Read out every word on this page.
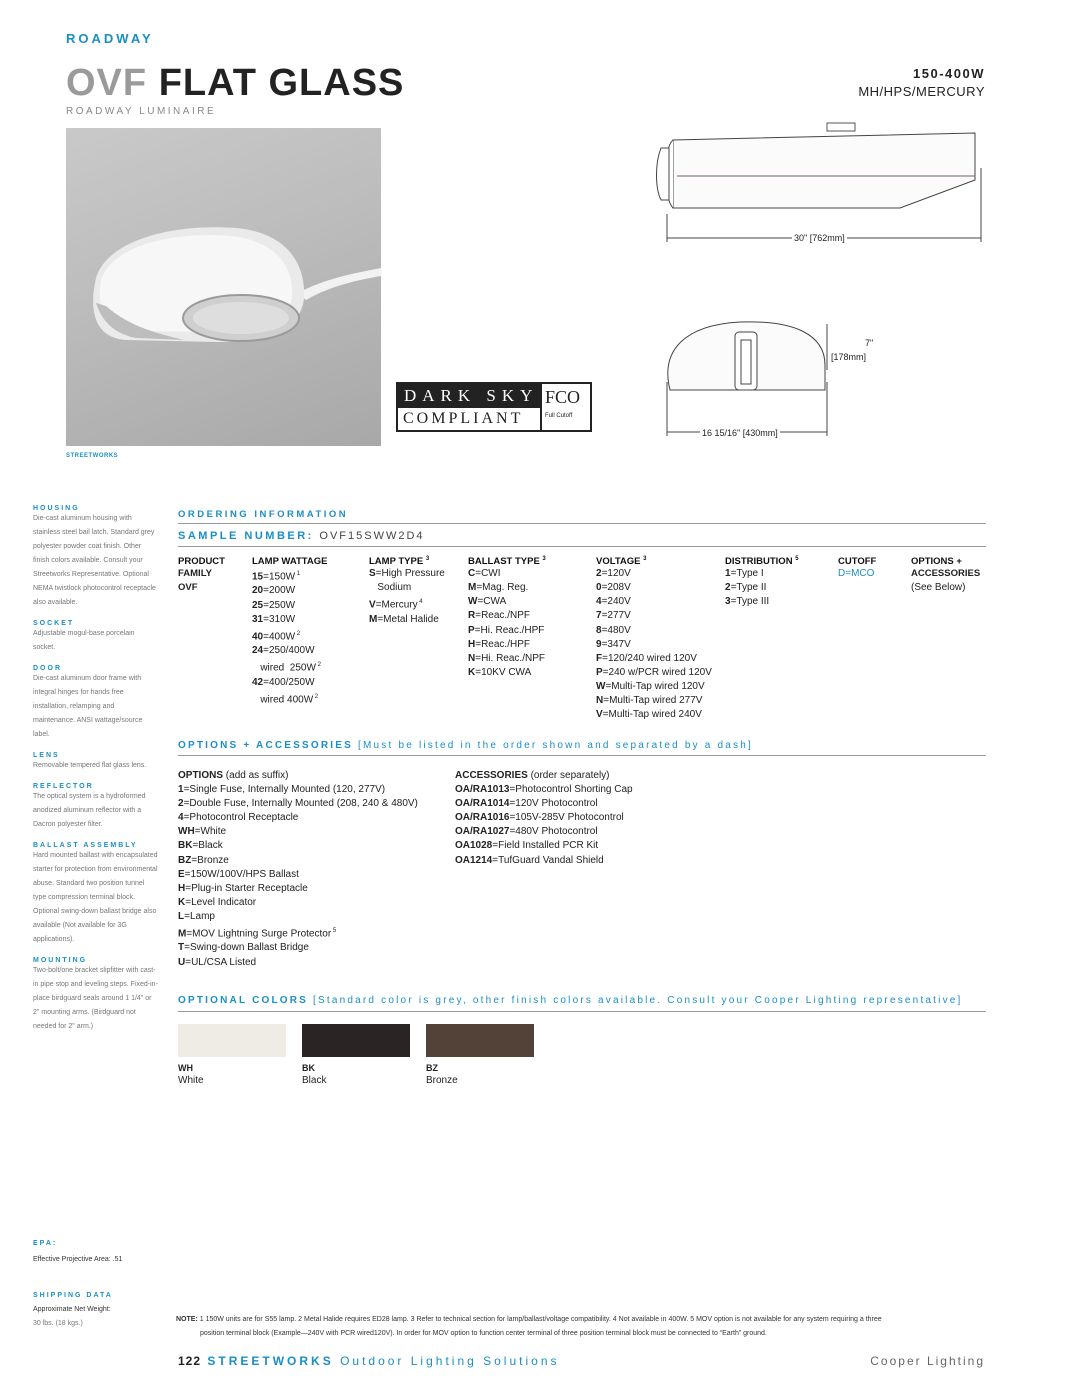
ROADWAY
OVF FLAT GLASS
ROADWAY LUMINAIRE
150-400W
MH/HPS/MERCURY
STREETWORKS
DARK SKY
COMPLIANT
FCO
Full Cutoff
30" [762mm]
7"
[178mm]
16 15/16" [430mm]
HOUSING
Die-cast aluminum housing with stainless steel bail latch. Standard grey polyester powder coat finish. Other finish colors available. Consult your Streetworks Representative. Optional NEMA twistlock photocontrol receptacle also available.
SOCKET
Adjustable mogul-base porcelain socket.
DOOR
Die-cast aluminum door frame with integral hinges for hands free installation, relamping and maintenance. ANSI wattage/source label.
LENS
Removable tempered flat glass lens.
REFLECTOR
The optical system is a hydroformed anodized aluminum reflector with a Dacron polyester filter.
BALLAST ASSEMBLY
Hard mounted ballast with encapsulated starter for protection from environmental abuse. Standard two position tunnel type compression terminal block. Optional swing-down ballast bridge also available (Not available for 3G applications).
MOUNTING
Two-bolt/one bracket slipfitter with cast-in pipe stop and leveling steps. Fixed-in-place birdguard seals around 1 1/4" or 2" mounting arms. (Birdguard not needed for 2" arm.)
EPA:
Effective Projective Area: .51
SHIPPING DATA
Approximate Net Weight:
30 lbs. (18 kgs.)
ORDERING INFORMATION
SAMPLE NUMBER: OVF15SWW2D4
PRODUCT
FAMILY
OVF
LAMP WATTAGE
15=150W $^1$
20=200W
25=250W
31=310W
40=400W $^2$
24=250/400W
wired  250W $^2$
42=400/250W
wired 400W $^2$
LAMP TYPE $^3$
S=High Pressure
Sodium
V=Mercury $^4$
M=Metal Halide
BALLAST TYPE $^3$
C=CWI
M=Mag. Reg.
W=CWA
R=Reac./NPF
P=Hi. Reac./HPF
H=Reac./HPF
N=Hi. Reac./NPF
K=10KV CWA
VOLTAGE $^3$
2=120V
0=208V
4=240V
7=277V
8=480V
9=347V
F=120/240 wired 120V
P=240 w/PCR wired 120V
W=Multi-Tap wired 120V
N=Multi-Tap wired 277V
V=Multi-Tap wired 240V
DISTRIBUTION $^5$
1=Type I
2=Type II
3=Type III
CUTOFF
D=MCO
OPTIONS +
ACCESSORIES
(See Below)
OPTIONS + ACCESSORIES [Must be listed in the order shown and separated by a dash]
OPTIONS (add as suffix)
1=Single Fuse, Internally Mounted (120, 277V)
2=Double Fuse, Internally Mounted (208, 240 & 480V)
4=Photocontrol Receptacle
WH=White
BK=Black
BZ=Bronze
E=150W/100V/HPS Ballast
H=Plug-in Starter Receptacle
K=Level Indicator
L=Lamp
M=MOV Lightning Surge Protector $^5$
T=Swing-down Ballast Bridge
U=UL/CSA Listed
ACCESSORIES (order separately)
OA/RA1013=Photocontrol Shorting Cap
OA/RA1014=120V Photocontrol
OA/RA1016=105V-285V Photocontrol
OA/RA1027=480V Photocontrol
OA1028=Field Installed PCR Kit
OA1214=TufGuard Vandal Shield
OPTIONAL COLORS [Standard color is grey, other finish colors available. Consult your Cooper Lighting representative]
WH
White
BK
Black
BZ
Bronze
NOTE: 1 150W units are for S55 lamp. 2 Metal Halide requires ED28 lamp. 3 Refer to technical section for lamp/ballast/voltage compatibility. 4 Not available in 400W. 5 MOV option is not available for any system requiring a three
position terminal block (Example—240V with PCR wired120V). In order for MOV option to function center terminal of three position terminal block must be connected to “Earth” ground.
122 STREETWORKS Outdoor Lighting Solutions	Cooper Lighting
